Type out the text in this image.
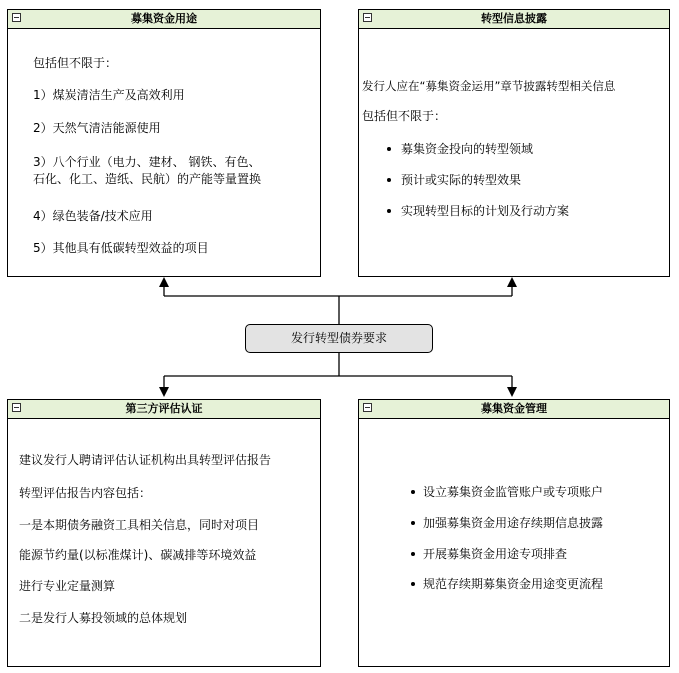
募集资金用途
包括但不限于：
1）煤炭清洁生产及高效利用
2）天然气清洁能源使用
3）八个行业（电力、建材、 钢铁、有色、
石化、化工、造纸、民航）的产能等量置换
4）绿色装备/技术应用
5）其他具有低碳转型效益的项目
转型信息披露
发行人应在“募集资金运用”章节披露转型相关信息
包括但不限于：
募集资金投向的转型领域
预计或实际的转型效果
实现转型目标的计划及行动方案
发行转型债券要求
第三方评估认证
建议发行人聘请评估认证机构出具转型评估报告
转型评估报告内容包括：
一是本期债务融资工具相关信息，同时对项目
能源节约量(以标准煤计)、碳减排等环境效益
进行专业定量测算
二是发行人募投领域的总体规划
募集资金管理
设立募集资金监管账户或专项账户
加强募集资金用途存续期信息披露
开展募集资金用途专项排查
规范存续期募集资金用途变更流程
